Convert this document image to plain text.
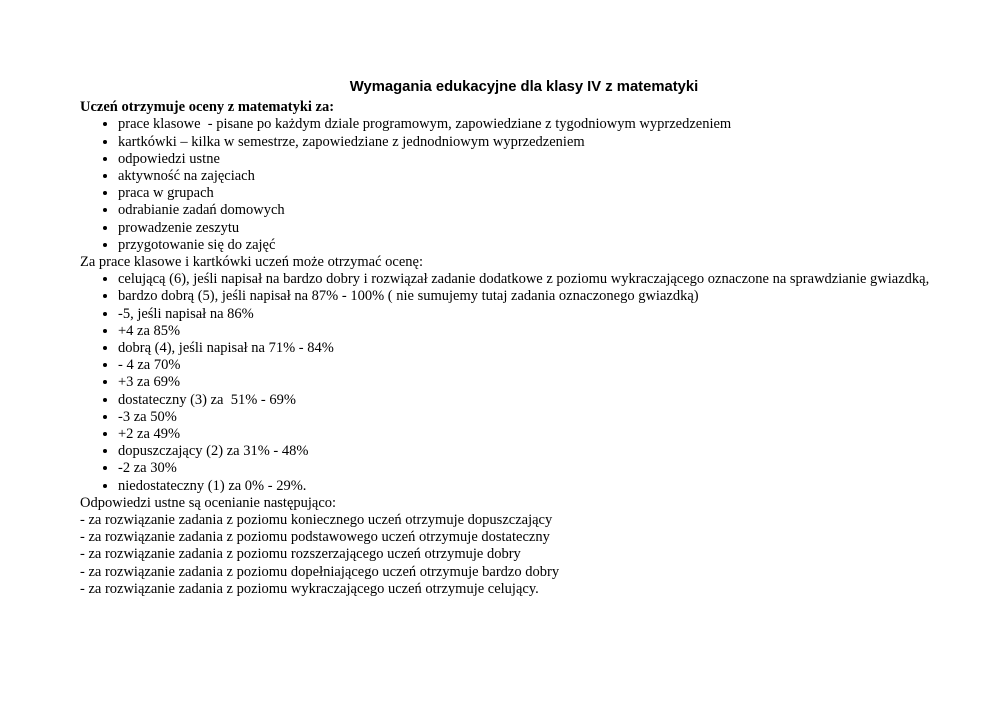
Wymagania edukacyjne dla klasy IV z matematyki

Uczeń otrzymuje oceny z matematyki za:

• prace klasowe  - pisane po każdym dziale programowym, zapowiedziane z tygodniowym wyprzedzeniem
• kartkówki – kilka w semestrze, zapowiedziane z jednodniowym wyprzedzeniem
• odpowiedzi ustne
• aktywność na zajęciach
• praca w grupach
• odrabianie zadań domowych
• prowadzenie zeszytu
• przygotowanie się do zajęć

Za prace klasowe i kartkówki uczeń może otrzymać ocenę:

• celującą (6), jeśli napisał na bardzo dobry i rozwiązał zadanie dodatkowe z poziomu wykraczającego oznaczone na sprawdzianie gwiazdką,
• bardzo dobrą (5), jeśli napisał na 87% - 100% ( nie sumujemy tutaj zadania oznaczonego gwiazdką)
• -5, jeśli napisał na 86%
• +4 za 85%
• dobrą (4), jeśli napisał na 71% - 84%
• - 4 za 70%
• +3 za 69%
• dostateczny (3) za  51% - 69%
• -3 za 50%
• +2 za 49%
• dopuszczający (2) za 31% - 48%
• -2 za 30%
• niedostateczny (1) za 0% - 29%.

Odpowiedzi ustne są ocenianie następująco:

- za rozwiązanie zadania z poziomu koniecznego uczeń otrzymuje dopuszczający

- za rozwiązanie zadania z poziomu podstawowego uczeń otrzymuje dostateczny

- za rozwiązanie zadania z poziomu rozszerzającego uczeń otrzymuje dobry

- za rozwiązanie zadania z poziomu dopełniającego uczeń otrzymuje bardzo dobry

- za rozwiązanie zadania z poziomu wykraczającego uczeń otrzymuje celujący.
